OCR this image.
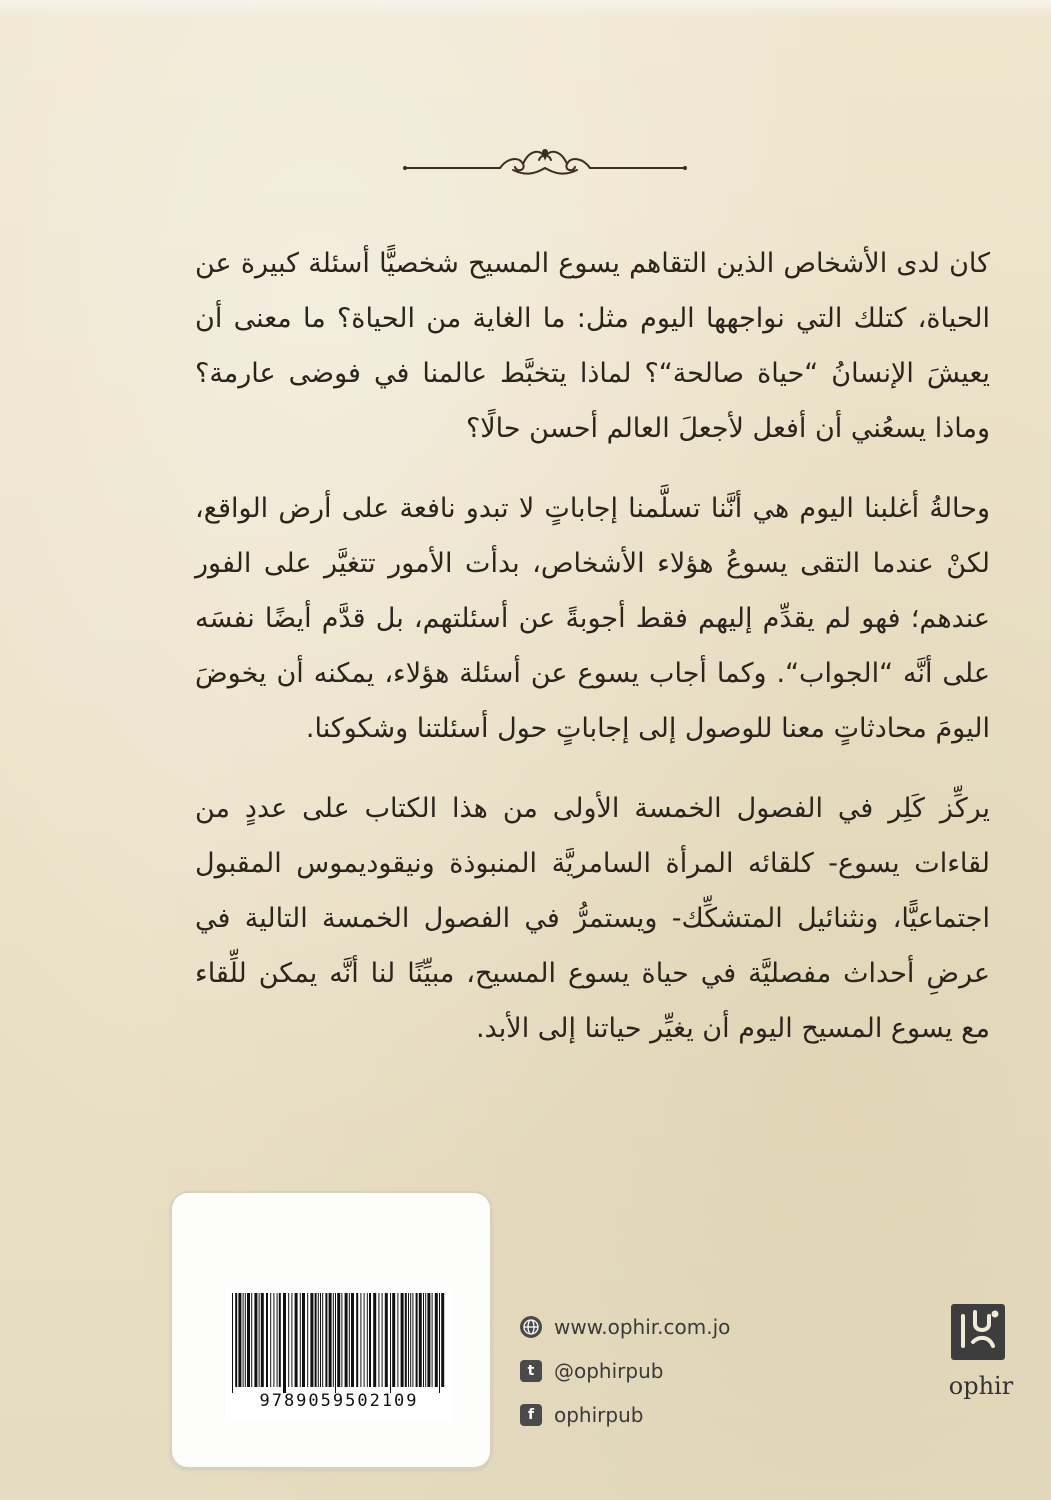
كان لدى الأشخاص الذين التقاهم يسوع المسيح شخصيًّا أسئلة كبيرة عن الحياة، كتلك التي نواجهها اليوم مثل: ما الغاية من الحياة؟ ما معنى أن يعيشَ الإنسانُ “حياة صالحة“؟ لماذا يتخبَّط عالمنا في فوضى عارمة؟ وماذا يسعُني أن أفعل لأجعلَ العالم أحسن حالًا؟

وحالةُ أغلبنا اليوم هي أنَّنا تسلَّمنا إجاباتٍ لا تبدو نافعة على أرض الواقع، لكنْ عندما التقى يسوعُ هؤلاء الأشخاص، بدأت الأمور تتغيَّر على الفور عندهم؛ فهو لم يقدِّم إليهم فقط أجوبةً عن أسئلتهم، بل قدَّم أيضًا نفسَه على أنَّه “الجواب“. وكما أجاب يسوع عن أسئلة هؤلاء، يمكنه أن يخوضَ اليومَ محادثاتٍ معنا للوصول إلى إجاباتٍ حول أسئلتنا وشكوكنا.

يركِّز كَلِر في الفصول الخمسة الأولى من هذا الكتاب على عددٍ من لقاءات يسوع- كلقائه المرأة السامريَّة المنبوذة ونيقوديموس المقبول اجتماعيًّا، ونثنائيل المتشكِّك- ويستمرُّ في الفصول الخمسة التالية في عرضِ أحداث مفصليَّة في حياة يسوع المسيح، مبيِّنًا لنا أنَّه يمكن للِّقاء مع يسوع المسيح اليوم أن يغيِّر حياتنا إلى الأبد.

9789059502109
www.ophir.com.jo
t @ophirpub
f ophirpub
ophir
